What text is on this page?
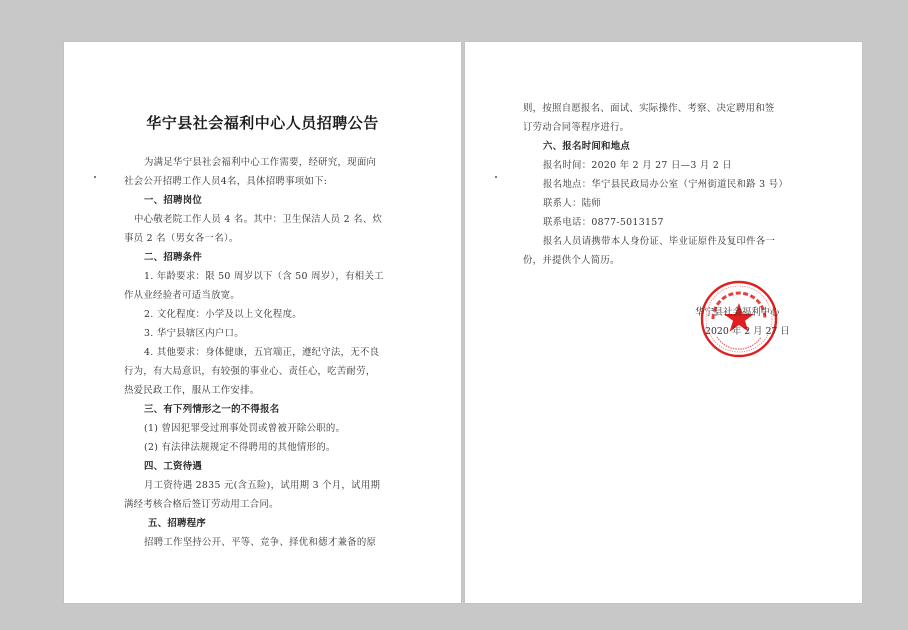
华宁县社会福利中心人员招聘公告
为满足华宁县社会福利中心工作需要，经研究，现面向
社会公开招聘工作人员4名，具体招聘事项如下:
一、招聘岗位
中心敬老院工作人员 4 名。其中：卫生保洁人员 2 名、炊
事员 2 名（男女各一名）。
二、招聘条件
1. 年龄要求：限 50 周岁以下（含 50 周岁），有相关工
作从业经验者可适当放宽。
2. 文化程度：小学及以上文化程度。
3. 华宁县辖区内户口。
4. 其他要求：身体健康，五官端正，遵纪守法，无不良
行为，有大局意识，有较强的事业心、责任心，吃苦耐劳，
热爱民政工作，服从工作安排。
三、有下列情形之一的不得报名
(1) 曾因犯罪受过刑事处罚或曾被开除公职的。
(2) 有法律法规规定不得聘用的其他情形的。
四、工资待遇
月工资待遇 2835 元(含五险)，试用期 3 个月，试用期
满经考核合格后签订劳动用工合同。
五、招聘程序
招聘工作坚持公开、平等、竞争、择优和德才兼备的原
则，按照自愿报名、面试、实际操作、考察、决定聘用和签
订劳动合同等程序进行。
六、报名时间和地点
报名时间：2020 年 2 月 27 日—3 月 2 日
报名地点：华宁县民政局办公室（宁州街道民和路 3 号）
联系人：陆师
联系电话：0877-5013157
报名人员请携带本人身份证、毕业证原件及复印件各一
份，并提供个人简历。
华宁县社会福利中心
2020 年 2 月 27 日
